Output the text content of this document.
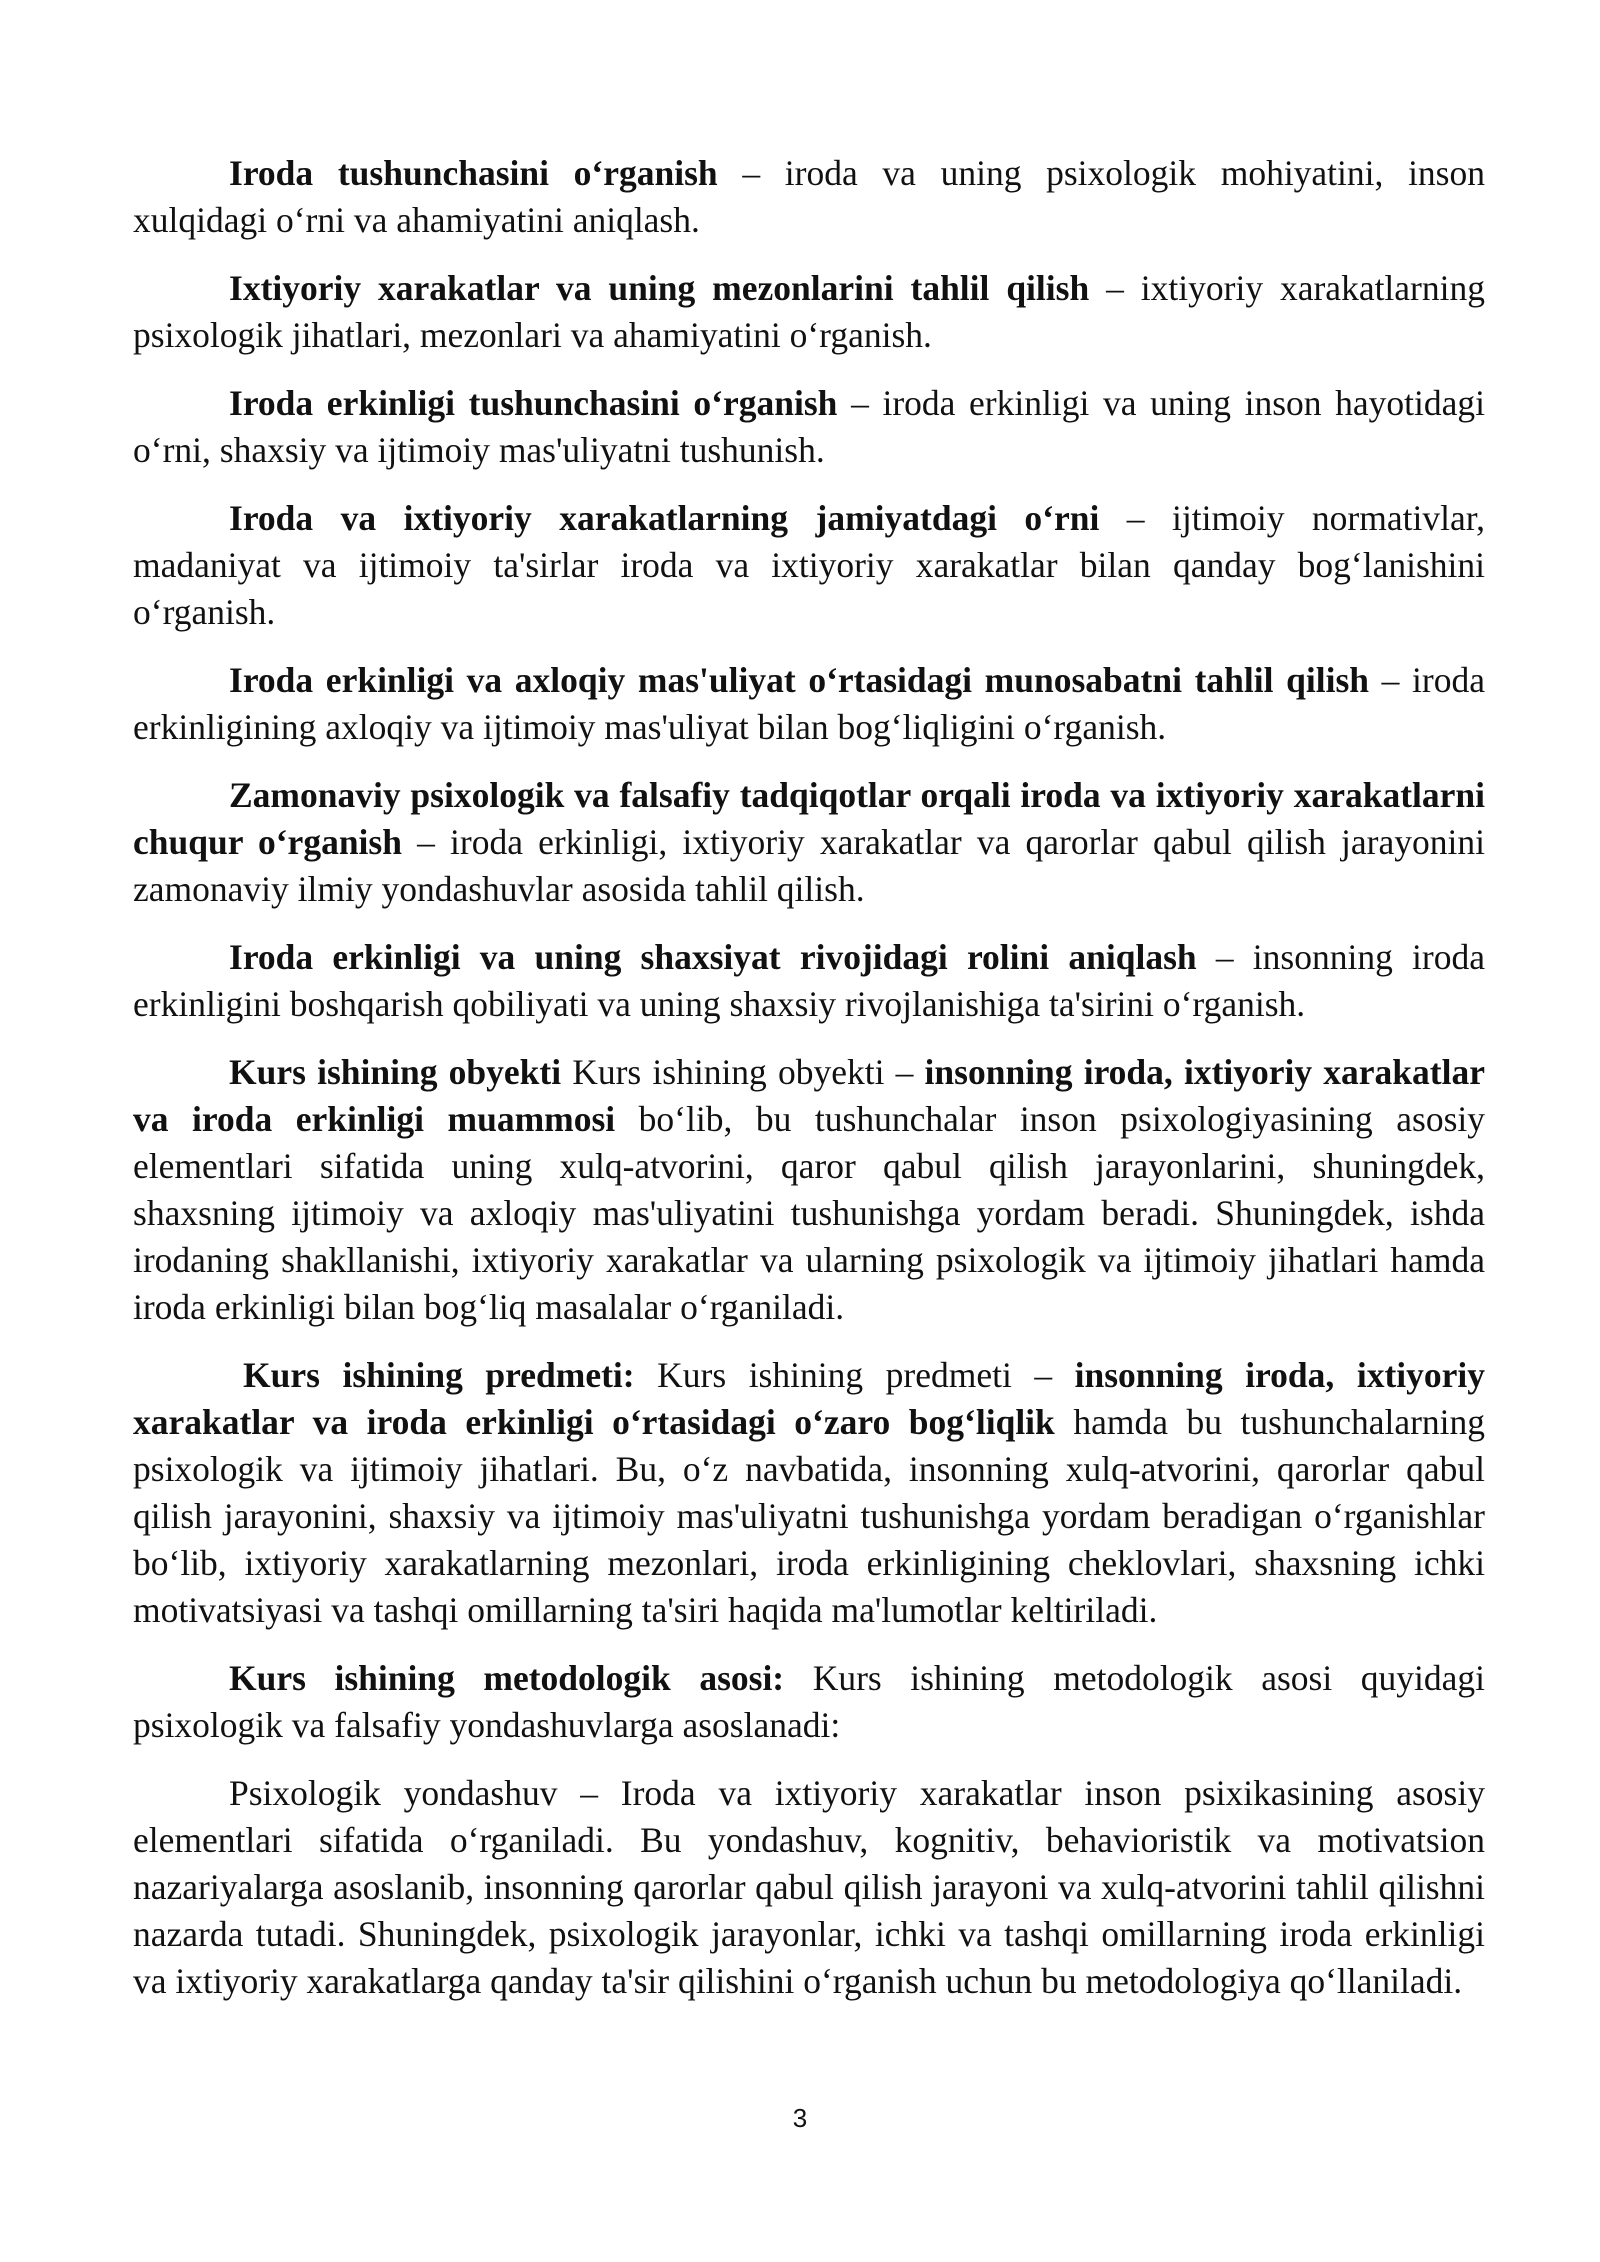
Iroda tushunchasini o‘rganish – iroda va uning psixologik mohiyatini, inson xulqidagi o‘rni va ahamiyatini aniqlash.

Ixtiyoriy xarakatlar va uning mezonlarini tahlil qilish – ixtiyoriy xarakatlarning psixologik jihatlari, mezonlari va ahamiyatini o‘rganish.

Iroda erkinligi tushunchasini o‘rganish – iroda erkinligi va uning inson hayotidagi o‘rni, shaxsiy va ijtimoiy mas'uliyatni tushunish.

Iroda va ixtiyoriy xarakatlarning jamiyatdagi o‘rni – ijtimoiy normativlar, madaniyat va ijtimoiy ta'sirlar iroda va ixtiyoriy xarakatlar bilan qanday bog‘lanishini o‘rganish.

Iroda erkinligi va axloqiy mas'uliyat o‘rtasidagi munosabatni tahlil qilish – iroda erkinligining axloqiy va ijtimoiy mas'uliyat bilan bog‘liqligini o‘rganish.

Zamonaviy psixologik va falsafiy tadqiqotlar orqali iroda va ixtiyoriy xarakatlarni chuqur o‘rganish – iroda erkinligi, ixtiyoriy xarakatlar va qarorlar qabul qilish jarayonini zamonaviy ilmiy yondashuvlar asosida tahlil qilish.

Iroda erkinligi va uning shaxsiyat rivojidagi rolini aniqlash – insonning iroda erkinligini boshqarish qobiliyati va uning shaxsiy rivojlanishiga ta'sirini o‘rganish.

Kurs ishining obyekti Kurs ishining obyekti – insonning iroda, ixtiyoriy xarakatlar va iroda erkinligi muammosi bo‘lib, bu tushunchalar inson psixologiyasining asosiy elementlari sifatida uning xulq-atvorini, qaror qabul qilish jarayonlarini, shuningdek, shaxsning ijtimoiy va axloqiy mas'uliyatini tushunishga yordam beradi. Shuningdek, ishda irodaning shakllanishi, ixtiyoriy xarakatlar va ularning psixologik va ijtimoiy jihatlari hamda iroda erkinligi bilan bog‘liq masalalar o‘rganiladi.

Kurs ishining predmeti: Kurs ishining predmeti – insonning iroda, ixtiyoriy xarakatlar va iroda erkinligi o‘rtasidagi o‘zaro bog‘liqlik hamda bu tushunchalarning psixologik va ijtimoiy jihatlari. Bu, o‘z navbatida, insonning xulq-atvorini, qarorlar qabul qilish jarayonini, shaxsiy va ijtimoiy mas'uliyatni tushunishga yordam beradigan o‘rganishlar bo‘lib, ixtiyoriy xarakatlarning mezonlari, iroda erkinligining cheklovlari, shaxsning ichki motivatsiyasi va tashqi omillarning ta'siri haqida ma'lumotlar keltiriladi.

Kurs ishining metodologik asosi: Kurs ishining metodologik asosi quyidagi psixologik va falsafiy yondashuvlarga asoslanadi:

Psixologik yondashuv – Iroda va ixtiyoriy xarakatlar inson psixikasining asosiy elementlari sifatida o‘rganiladi. Bu yondashuv, kognitiv, behavioristik va motivatsion nazariyalarga asoslanib, insonning qarorlar qabul qilish jarayoni va xulq-atvorini tahlil qilishni nazarda tutadi. Shuningdek, psixologik jarayonlar, ichki va tashqi omillarning iroda erkinligi va ixtiyoriy xarakatlarga qanday ta'sir qilishini o‘rganish uchun bu metodologiya qo‘llaniladi.

3
